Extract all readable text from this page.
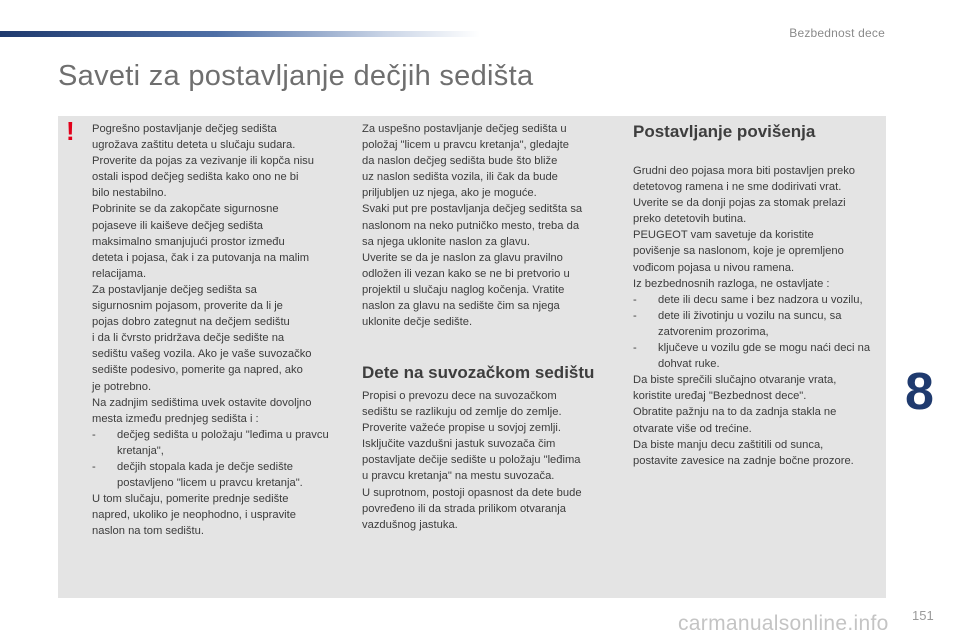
Bezbednost dece
Saveti za postavljanje dečjih sedišta
! Pogrešno postavljanje dečjeg sedišta

ugrožava zaštitu deteta u slučaju sudara.

Proverite da pojas za vezivanje ili kopča nisu

ostali ispod dečjeg sedišta kako ono ne bi

bilo nestabilno.

Pobrinite se da zakopčate sigurnosne

pojaseve ili kaiševe dečjeg sedišta

maksimalno smanjujući prostor između

deteta i pojasa, čak i za putovanja na malim

relacijama.

Za postavljanje dečjeg sedišta sa

sigurnosnim pojasom, proverite da li je

pojas dobro zategnut na dečjem sedištu

i da li čvrsto pridržava dečje sedište na

sedištu vašeg vozila. Ako je vaše suvozačko

sedište podesivo, pomerite ga napred, ako

je potrebno.

Na zadnjim sedištima uvek ostavite dovoljno

mesta između prednjeg sedišta i :

-	dečjeg sedišta u položaju "leđima u pravcu kretanja",
-	dečjih stopala kada je dečje sedište postavljeno "licem u pravcu kretanja".

U tom slučaju, pomerite prednje sedište

napred, ukoliko je neophodno, i uspravite

naslon na tom sedištu.

Za uspešno postavljanje dečjeg sedišta u

položaj "licem u pravcu kretanja", gledajte

da naslon dečjeg sedišta bude što bliže

uz naslon sedišta vozila, ili čak da bude

priljubljen uz njega, ako je moguće.

Svaki put pre postavljanja dečjeg seditšta sa

naslonom na neko putničko mesto, treba da

sa njega uklonite naslon za glavu.

Uverite se da je naslon za glavu pravilno

odložen ili vezan kako se ne bi pretvorio u

projektil u slučaju naglog kočenja. Vratite

naslon za glavu na sedište čim sa njega

uklonite dečje sedište.

Dete na suvozačkom sedištu

Propisi o prevozu dece na suvozačkom

sedištu se razlikuju od zemlje do zemlje.

Proverite važeće propise u sovjoj zemlji.

Isključite vazdušni jastuk suvozača čim

postavljate dečije sedište u položaju "leđima

u pravcu kretanja" na mestu suvozača.

U suprotnom, postoji opasnost da dete bude

povređeno ili da strada prilikom otvaranja

vazdušnog jastuka.

Postavljanje povišenja

Grudni deo pojasa mora biti postavljen preko

detetovog ramena i ne sme dodirivati vrat.

Uverite se da donji pojas za stomak prelazi

preko detetovih butina.

PEUGEOT vam savetuje da koristite

povišenje sa naslonom, koje je opremljeno

vođicom pojasa u nivou ramena.

Iz bezbednosnih razloga, ne ostavljate :

-	dete ili decu same i bez nadzora u vozilu,
-	dete ili životinju u vozilu na suncu, sa zatvorenim prozorima,
-	ključeve u vozilu gde se mogu naći deci na dohvat ruke.

Da biste sprečili slučajno otvaranje vrata,

koristite uređaj "Bezbednost dece".

Obratite pažnju na to da zadnja stakla ne

otvarate više od trećine.

Da biste manju decu zaštitili od sunca,

postavite zavesice na zadnje bočne prozore.

8
carmanualsonline.info 151
